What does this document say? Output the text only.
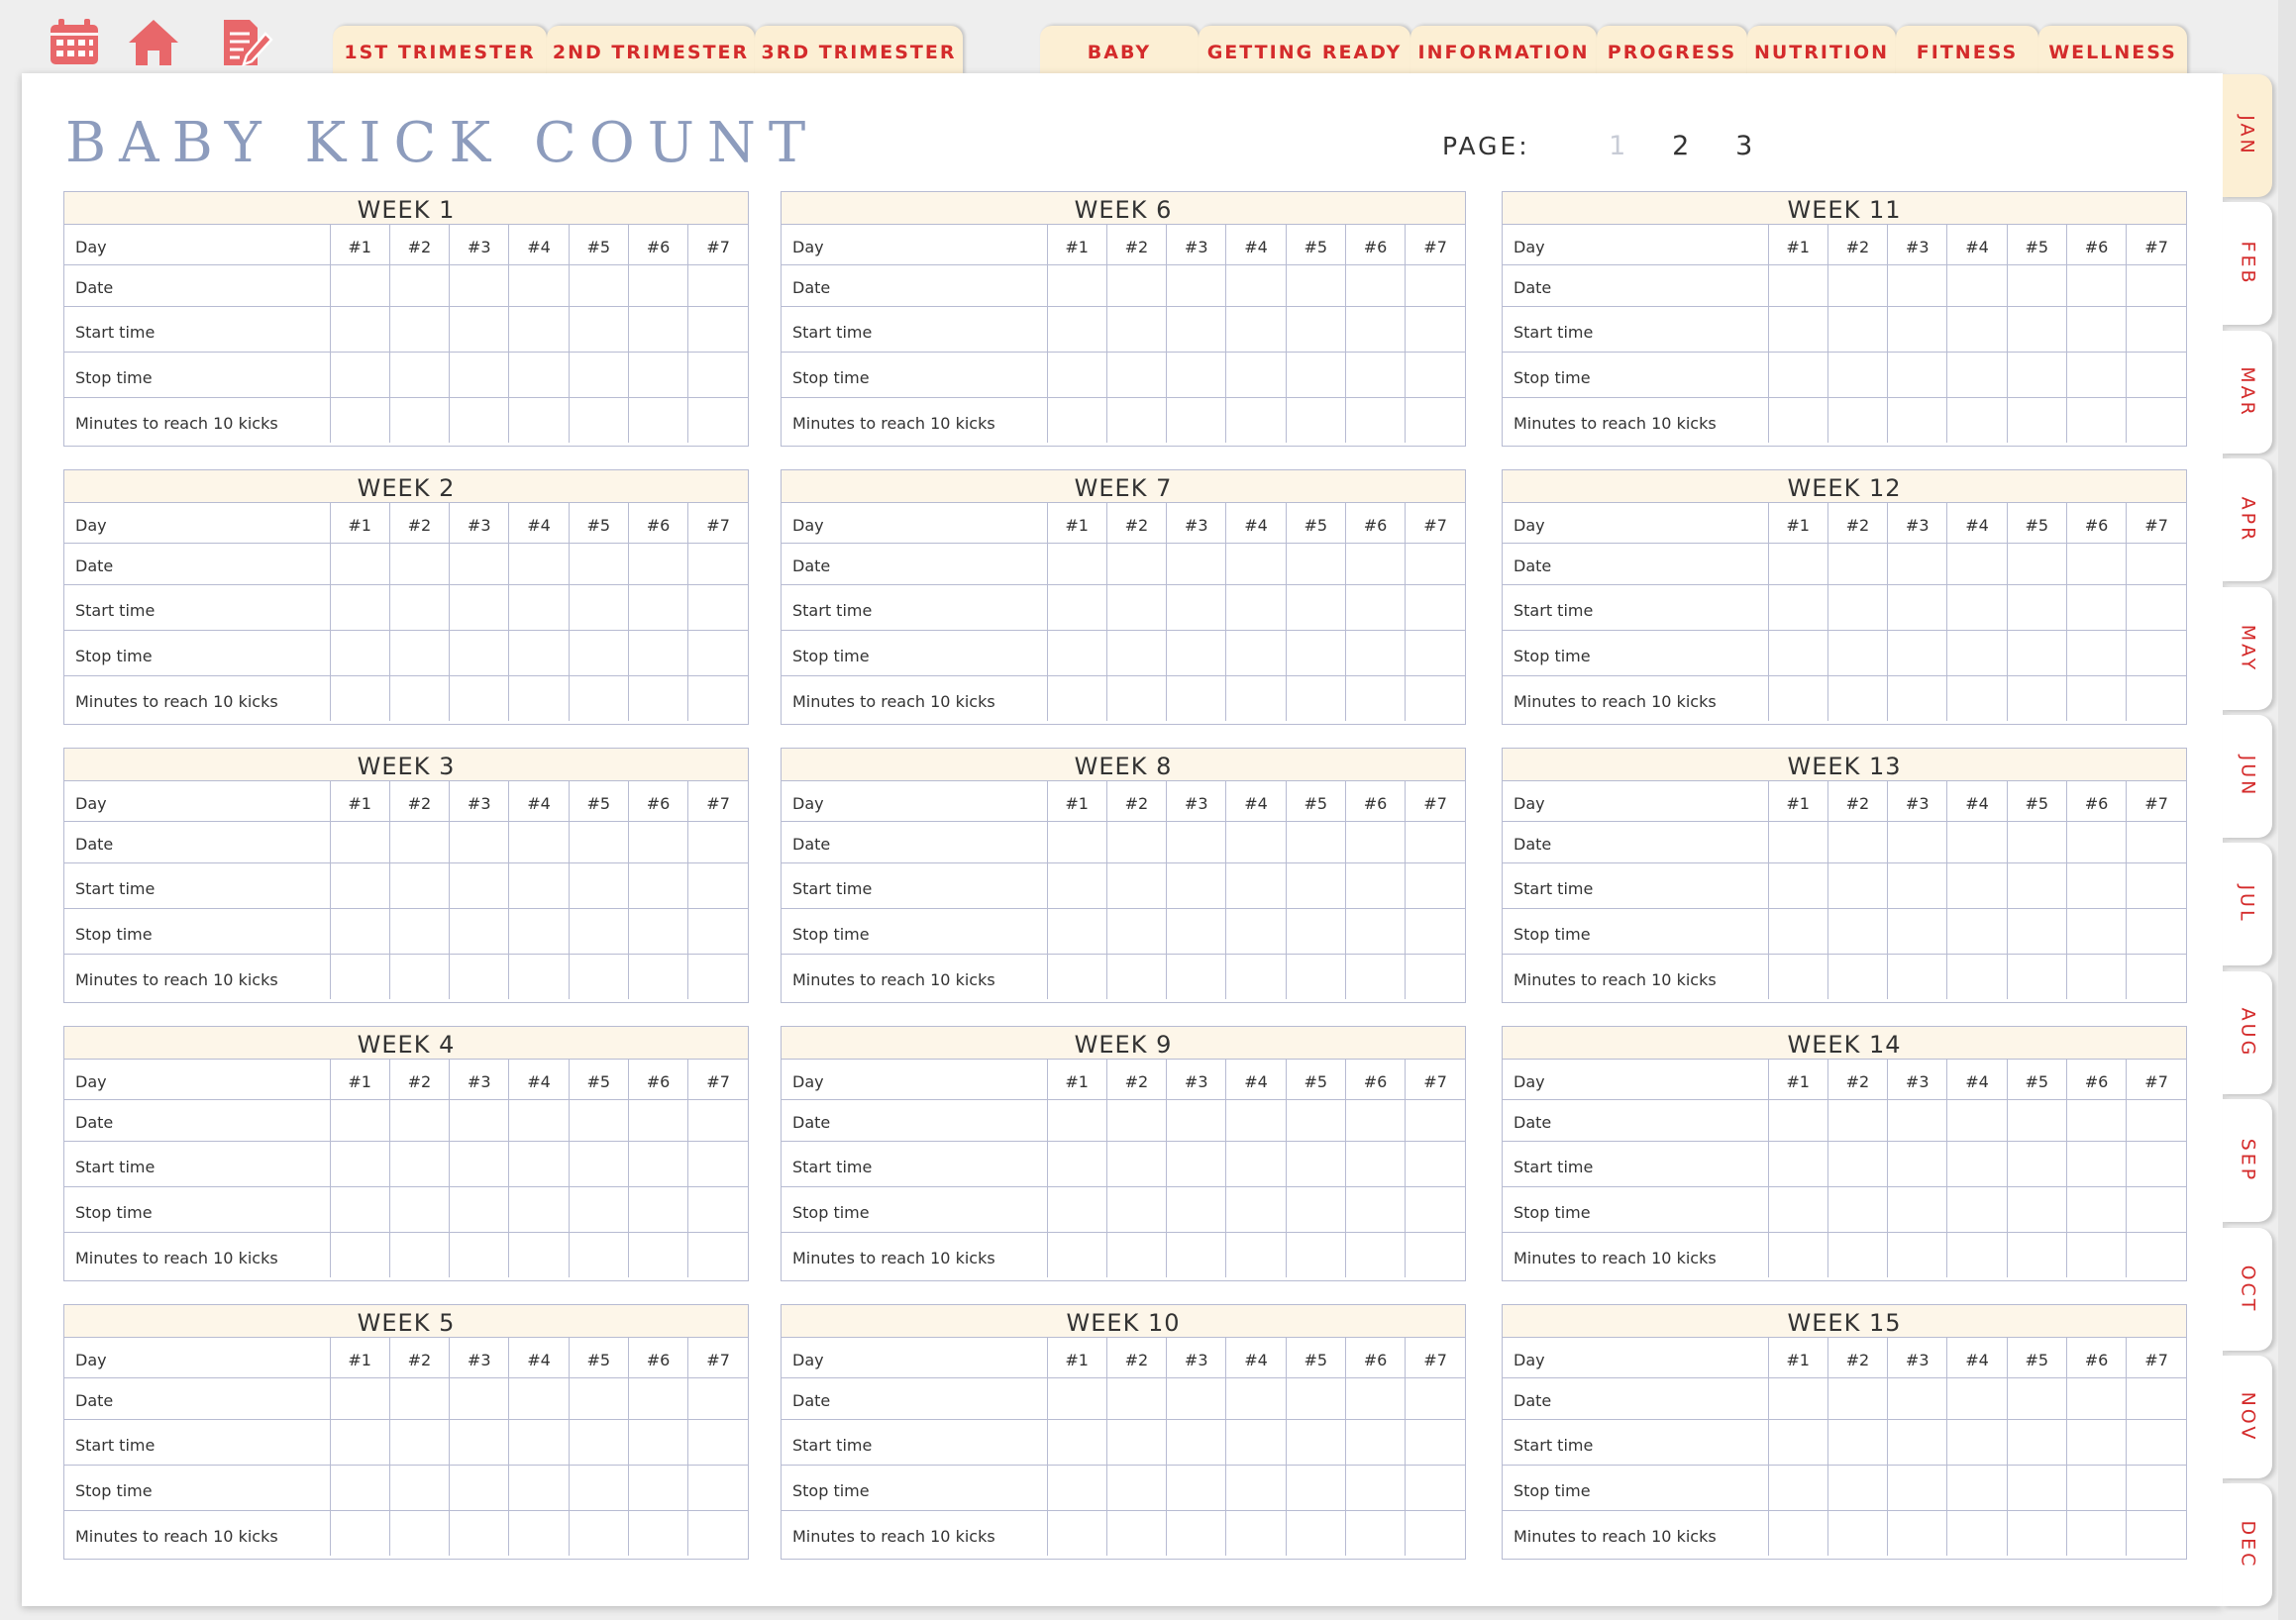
1ST TRIMESTER 2ND TRIMESTER 3RD TRIMESTER	BABY	GETTING READY INFORMATION PROGRESS NUTRITION	FITNESS	WELLNESS
BABY KICK COUNT	PAGE:	1	2	3
WEEK 1
Day	#1	#2	#3	#4	#5	#6	#7
Date							
Start time							
Stop time							
Minutes to reach 10 kicks							
WEEK 2
Day	#1	#2	#3	#4	#5	#6	#7
Date							
Start time							
Stop time							
Minutes to reach 10 kicks							
WEEK 3
Day	#1	#2	#3	#4	#5	#6	#7
Date							
Start time							
Stop time							
Minutes to reach 10 kicks							
WEEK 4
Day	#1	#2	#3	#4	#5	#6	#7
Date							
Start time							
Stop time							
Minutes to reach 10 kicks							
WEEK 5
Day	#1	#2	#3	#4	#5	#6	#7
Date							
Start time							
Stop time							
Minutes to reach 10 kicks							
WEEK 6
Day	#1	#2	#3	#4	#5	#6	#7
Date							
Start time							
Stop time							
Minutes to reach 10 kicks							
WEEK 7
Day	#1	#2	#3	#4	#5	#6	#7
Date							
Start time							
Stop time							
Minutes to reach 10 kicks							
WEEK 8
Day	#1	#2	#3	#4	#5	#6	#7
Date							
Start time							
Stop time							
Minutes to reach 10 kicks							
WEEK 9
Day	#1	#2	#3	#4	#5	#6	#7
Date							
Start time							
Stop time							
Minutes to reach 10 kicks							
WEEK 10
Day	#1	#2	#3	#4	#5	#6	#7
Date							
Start time							
Stop time							
Minutes to reach 10 kicks							
WEEK 11
Day	#1	#2	#3	#4	#5	#6	#7
Date							
Start time							
Stop time							
Minutes to reach 10 kicks							
WEEK 12
Day	#1	#2	#3	#4	#5	#6	#7
Date							
Start time							
Stop time							
Minutes to reach 10 kicks							
WEEK 13
Day	#1	#2	#3	#4	#5	#6	#7
Date							
Start time							
Stop time							
Minutes to reach 10 kicks							
WEEK 14
Day	#1	#2	#3	#4	#5	#6	#7
Date							
Start time							
Stop time							
Minutes to reach 10 kicks							
WEEK 15
Day	#1	#2	#3	#4	#5	#6	#7
Date							
Start time							
Stop time							
Minutes to reach 10 kicks							
JAN
FEB
MAR
APR
MAY
JUN
JUL
AUG
SEP
OCT
NOV
DEC
